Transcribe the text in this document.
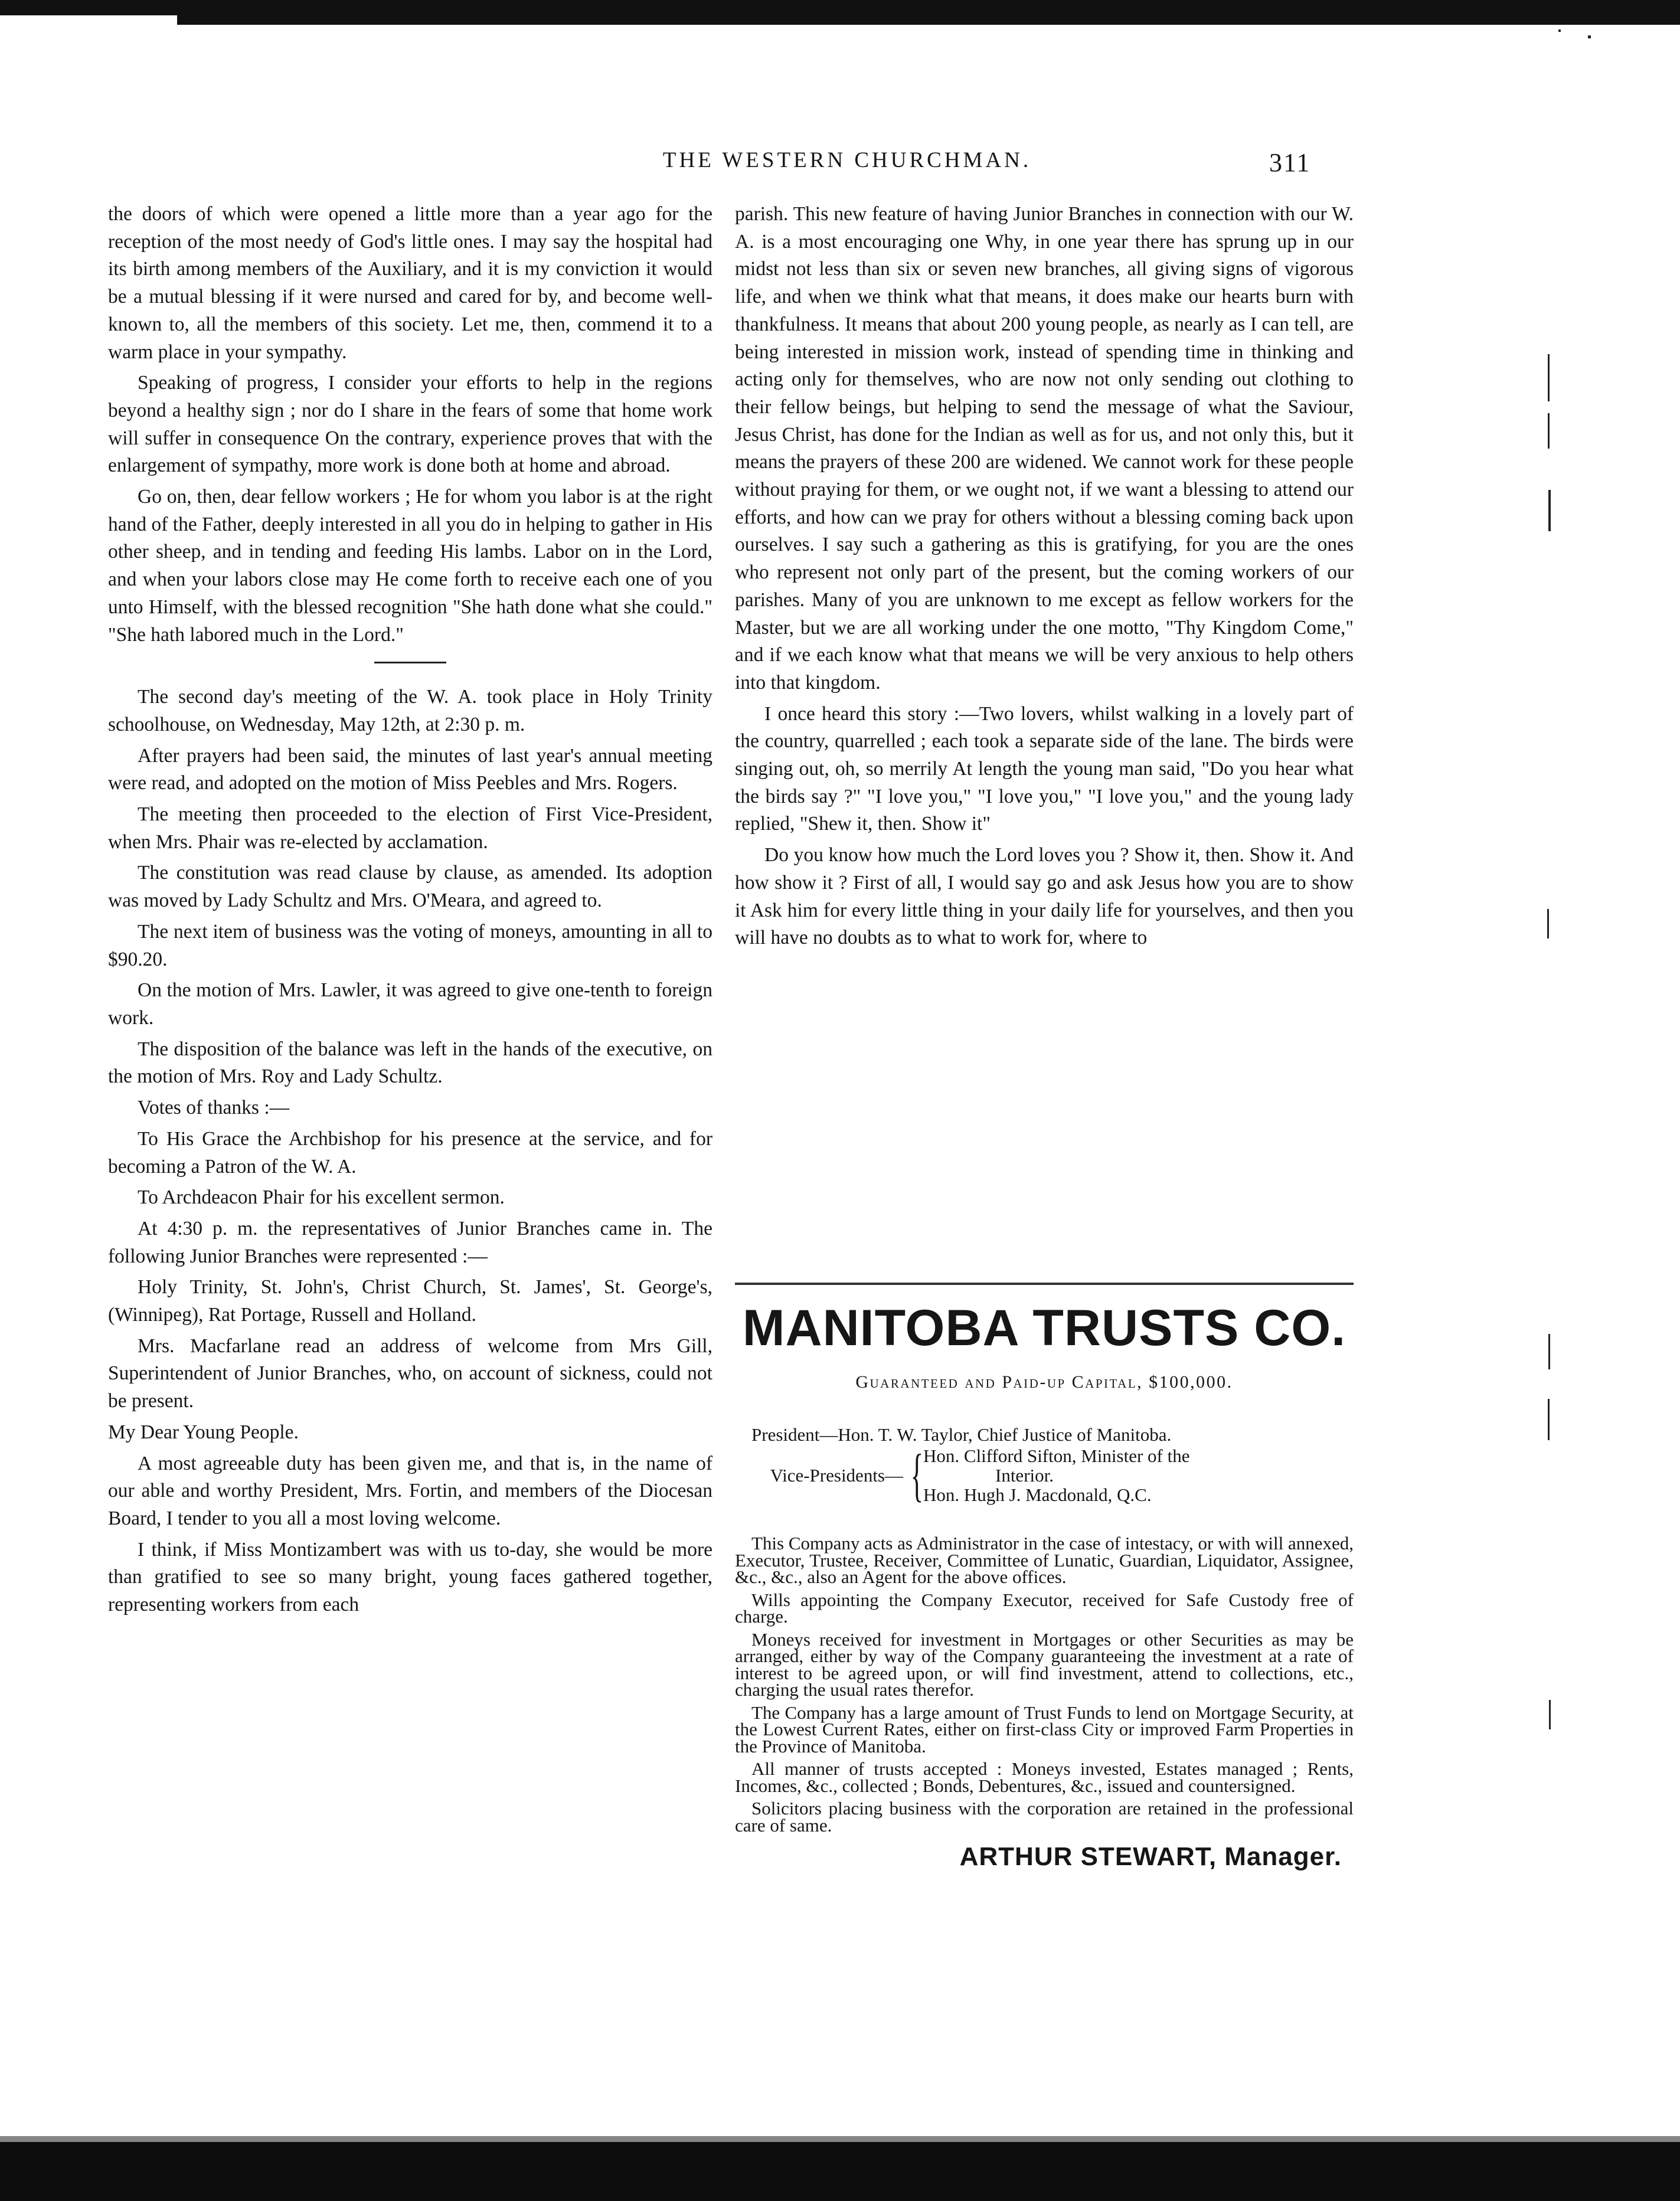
THE WESTERN CHURCHMAN.	311

the doors of which were opened a little more than a year ago for the reception of the most needy of God's little ones. I may say the hospital had its birth among members of the Auxiliary, and it is my conviction it would be a mutual blessing if it were nursed and cared for by, and become well-known to, all the members of this society. Let me, then, commend it to a warm place in your sympathy.

Speaking of progress, I consider your efforts to help in the regions beyond a healthy sign ; nor do I share in the fears of some that home work will suffer in consequence On the contrary, experience proves that with the enlargement of sympathy, more work is done both at home and abroad.

Go on, then, dear fellow workers ; He for whom you labor is at the right hand of the Father, deeply interested in all you do in helping to gather in His other sheep, and in tending and feeding His lambs. Labor on in the Lord, and when your labors close may He come forth to receive each one of you unto Himself, with the blessed recognition "She hath done what she could." "She hath labored much in the Lord."

The second day's meeting of the W. A. took place in Holy Trinity schoolhouse, on Wednesday, May 12th, at 2:30 p. m.

After prayers had been said, the minutes of last year's annual meeting were read, and adopted on the motion of Miss Peebles and Mrs. Rogers.

The meeting then proceeded to the election of First Vice-President, when Mrs. Phair was re-elected by acclamation.

The constitution was read clause by clause, as amended. Its adoption was moved by Lady Schultz and Mrs. O'Meara, and agreed to.

The next item of business was the voting of moneys, amounting in all to $90.20.

On the motion of Mrs. Lawler, it was agreed to give one-tenth to foreign work.

The disposition of the balance was left in the hands of the executive, on the motion of Mrs. Roy and Lady Schultz.

Votes of thanks :—

To His Grace the Archbishop for his presence at the service, and for becoming a Patron of the W. A.

To Archdeacon Phair for his excellent sermon.

At 4:30 p. m. the representatives of Junior Branches came in. The following Junior Branches were represented :—

Holy Trinity, St. John's, Christ Church, St. James', St. George's, (Winnipeg), Rat Portage, Russell and Holland.

Mrs. Macfarlane read an address of welcome from Mrs Gill, Superintendent of Junior Branches, who, on account of sickness, could not be present.

My Dear Young People.

A most agreeable duty has been given me, and that is, in the name of our able and worthy President, Mrs. Fortin, and members of the Diocesan Board, I tender to you all a most loving welcome.

I think, if Miss Montizambert was with us to-day, she would be more than gratified to see so many bright, young faces gathered together, representing workers from each

parish. This new feature of having Junior Branches in connection with our W. A. is a most encouraging one Why, in one year there has sprung up in our midst not less than six or seven new branches, all giving signs of vigorous life, and when we think what that means, it does make our hearts burn with thankfulness. It means that about 200 young people, as nearly as I can tell, are being interested in mission work, instead of spending time in thinking and acting only for themselves, who are now not only sending out clothing to their fellow beings, but helping to send the message of what the Saviour, Jesus Christ, has done for the Indian as well as for us, and not only this, but it means the prayers of these 200 are widened. We cannot work for these people without praying for them, or we ought not, if we want a blessing to attend our efforts, and how can we pray for others without a blessing coming back upon ourselves. I say such a gathering as this is gratifying, for you are the ones who represent not only part of the present, but the coming workers of our parishes. Many of you are unknown to me except as fellow workers for the Master, but we are all working under the one motto, "Thy Kingdom Come," and if we each know what that means we will be very anxious to help others into that kingdom.

I once heard this story :—Two lovers, whilst walking in a lovely part of the country, quarrelled ; each took a separate side of the lane. The birds were singing out, oh, so merrily At length the young man said, "Do you hear what the birds say ?" "I love you," "I love you," "I love you," and the young lady replied, "Shew it, then. Show it"

Do you know how much the Lord loves you ? Show it, then. Show it. And how show it ? First of all, I would say go and ask Jesus how you are to show it Ask him for every little thing in your daily life for yourselves, and then you will have no doubts as to what to work for, where to

MANITOBA TRUSTS CO.
Guaranteed and Paid-up Capital, $100,000.
President—Hon. T. W. Taylor, Chief Justice of Manitoba.
Vice-Presidents— { Hon. Clifford Sifton, Minister of the
Interior.
Hon. Hugh J. Macdonald, Q.C.

This Company acts as Administrator in the case of intestacy, or with will annexed, Executor, Trustee, Receiver, Committee of Lunatic, Guardian, Liquidator, Assignee, &c., &c., also an Agent for the above offices.

Wills appointing the Company Executor, received for Safe Custody free of charge.

Moneys received for investment in Mortgages or other Securities as may be arranged, either by way of the Company guaranteeing the investment at a rate of interest to be agreed upon, or will find investment, attend to collections, etc., charging the usual rates therefor.

The Company has a large amount of Trust Funds to lend on Mortgage Security, at the Lowest Current Rates, either on first-class City or improved Farm Properties in the Province of Manitoba.

All manner of trusts accepted : Moneys invested, Estates managed ; Rents, Incomes, &c., collected ; Bonds, Debentures, &c., issued and countersigned.

Solicitors placing business with the corporation are retained in the professional care of same.

ARTHUR STEWART, Manager.
